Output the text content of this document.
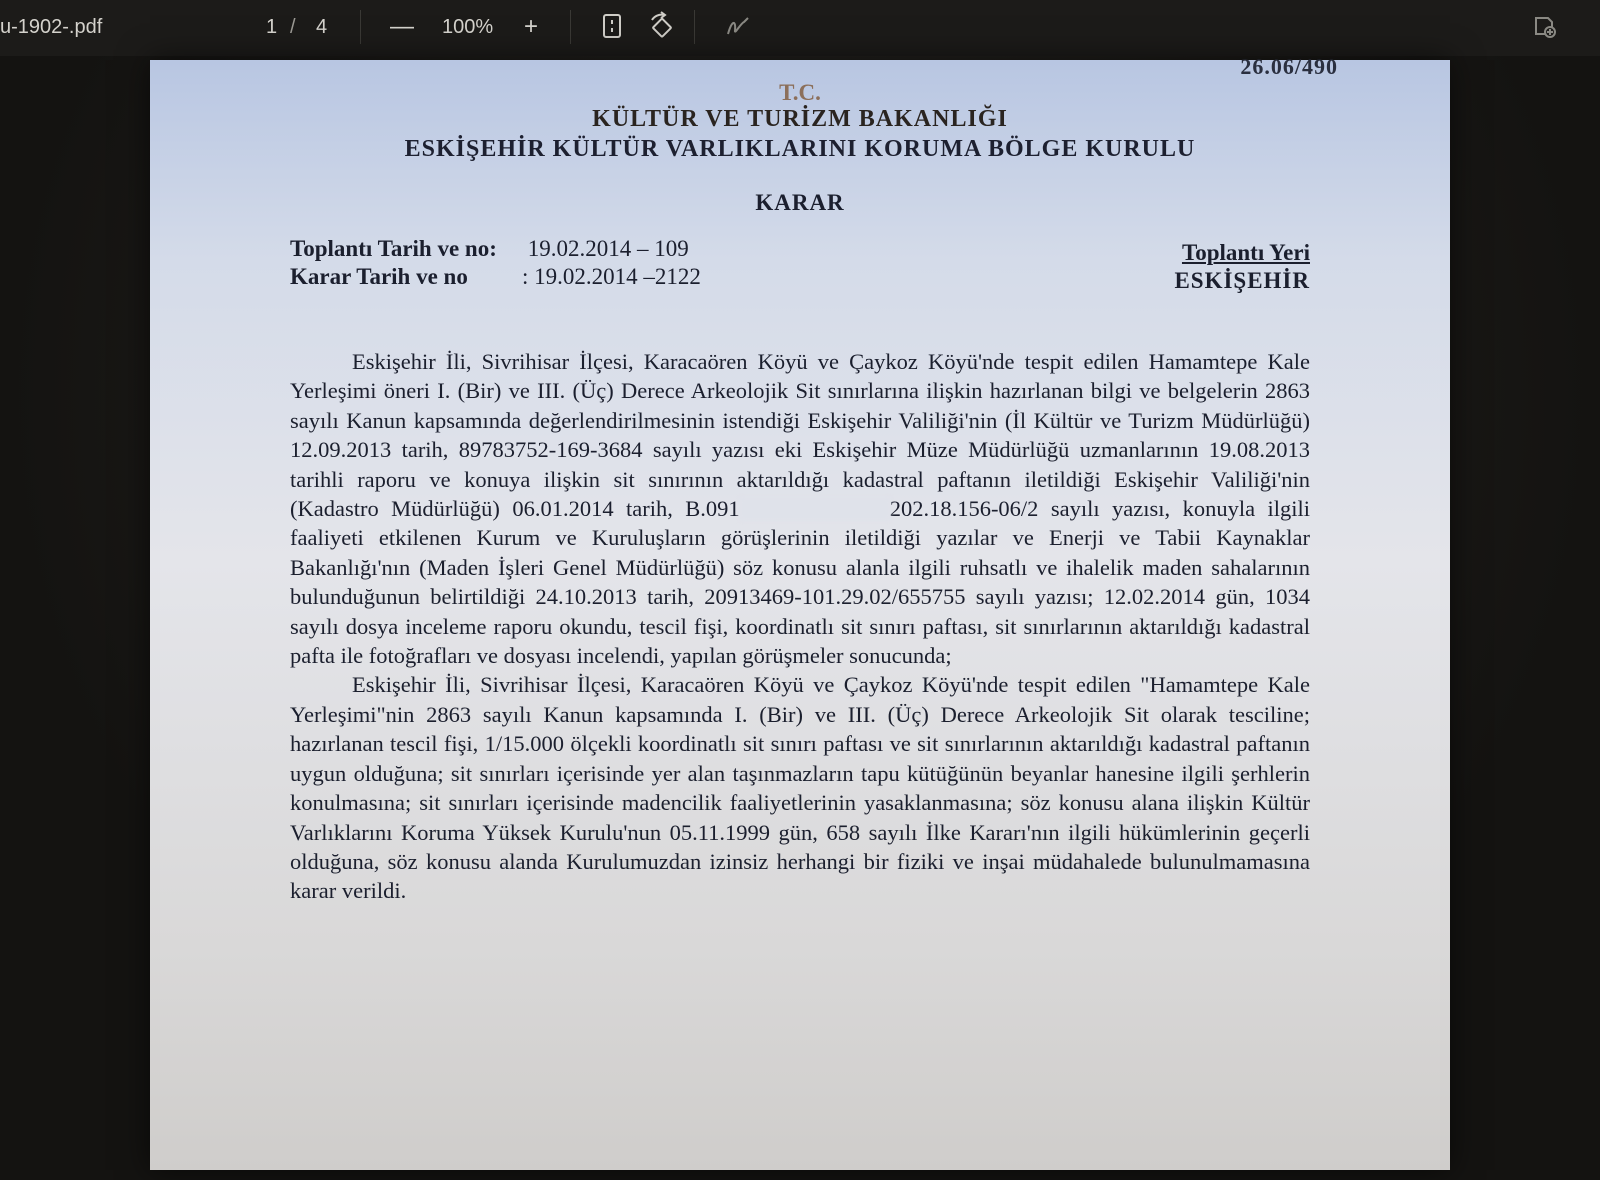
u-1902-.pdf	1 / 4	— 100% +
26.06/490
T.C.
KÜLTÜR VE TURİZM BAKANLIĞI
ESKİŞEHİR KÜLTÜR VARLIKLARINI KORUMA BÖLGE KURULU
KARAR
Toplantı Tarih ve no: 19.02.2014 – 109
Karar Tarih ve no : 19.02.2014 –2122
Toplantı Yeri
ESKİŞEHİR

Eskişehir İli, Sivrihisar İlçesi, Karacaören Köyü ve Çaykoz Köyü'nde tespit edilen Hamamtepe Kale Yerleşimi öneri I. (Bir) ve III. (Üç) Derece Arkeolojik Sit sınırlarına ilişkin hazırlanan bilgi ve belgelerin 2863 sayılı Kanun kapsamında değerlendirilmesinin istendiği Eskişehir Valiliği'nin (İl Kültür ve Turizm Müdürlüğü) 12.09.2013 tarih, 89783752-169-3684 sayılı yazısı eki Eskişehir Müze Müdürlüğü uzmanlarının 19.08.2013 tarihli raporu ve konuya ilişkin sit sınırının aktarıldığı kadastral paftanın iletildiği Eskişehir Valiliği'nin (Kadastro Müdürlüğü) 06.01.2014 tarih, B.091	202.18.156-06/2 sayılı yazısı, konuyla ilgili faaliyeti etkilenen Kurum ve Kuruluşların görüşlerinin iletildiği yazılar ve Enerji ve Tabii Kaynaklar Bakanlığı'nın (Maden İşleri Genel Müdürlüğü) söz konusu alanla ilgili ruhsatlı ve ihalelik maden sahalarının bulunduğunun belirtildiği 24.10.2013 tarih, 20913469-101.29.02/655755 sayılı yazısı; 12.02.2014 gün, 1034 sayılı dosya inceleme raporu okundu, tescil fişi, koordinatlı sit sınırı paftası, sit sınırlarının aktarıldığı kadastral pafta ile fotoğrafları ve dosyası incelendi, yapılan görüşmeler sonucunda;

Eskişehir İli, Sivrihisar İlçesi, Karacaören Köyü ve Çaykoz Köyü'nde tespit edilen "Hamamtepe Kale Yerleşimi"nin 2863 sayılı Kanun kapsamında I. (Bir) ve III. (Üç) Derece Arkeolojik Sit olarak tesciline; hazırlanan tescil fişi, 1/15.000 ölçekli koordinatlı sit sınırı paftası ve sit sınırlarının aktarıldığı kadastral paftanın uygun olduğuna; sit sınırları içerisinde yer alan taşınmazların tapu kütüğünün beyanlar hanesine ilgili şerhlerin konulmasına; sit sınırları içerisinde madencilik faaliyetlerinin yasaklanmasına; söz konusu alana ilişkin Kültür Varlıklarını Koruma Yüksek Kurulu'nun 05.11.1999 gün, 658 sayılı İlke Kararı'nın ilgili hükümlerinin geçerli olduğuna, söz konusu alanda Kurulumuzdan izinsiz herhangi bir fiziki ve inşai müdahalede bulunulmamasına karar verildi.
